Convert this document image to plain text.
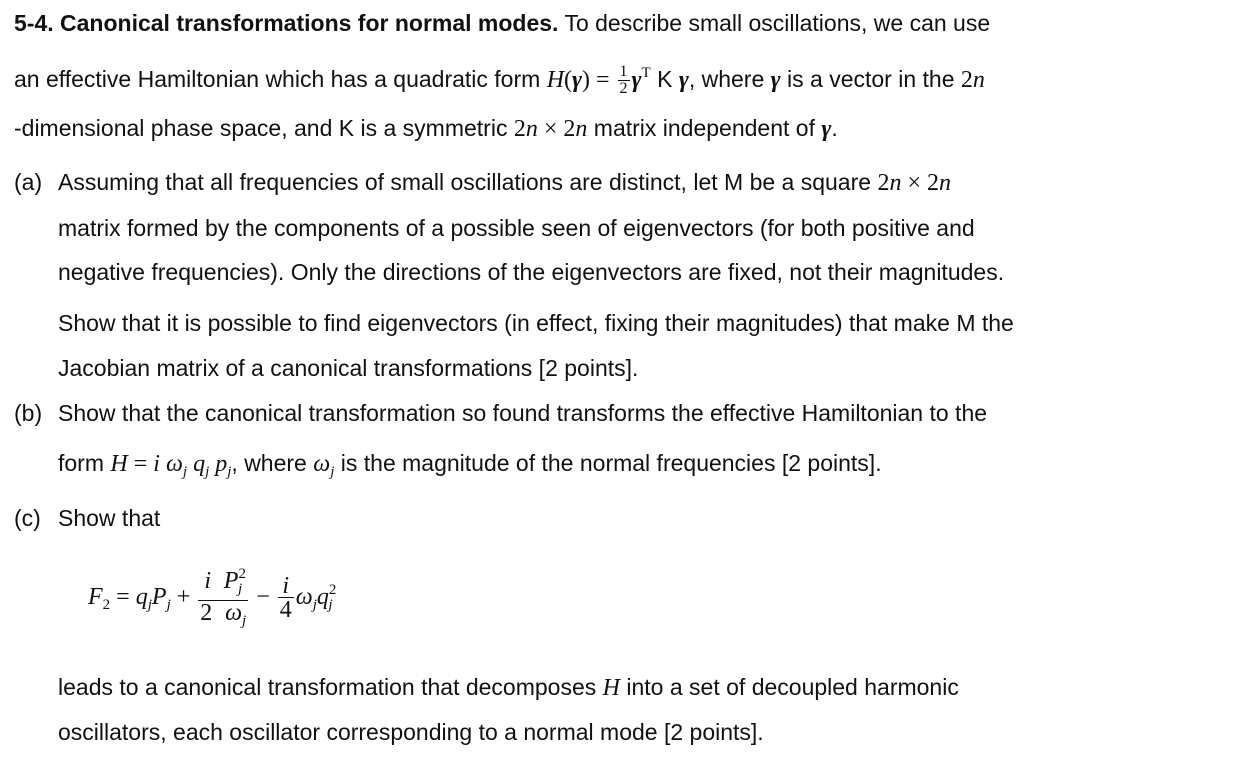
5-4. Canonical transformations for normal modes. To describe small oscillations, we can use
an effective Hamiltonian which has a quadratic form $H(\gamma) = \frac{1}{2} \gamma^T$ K γ, where γ is a vector in the 2n
-dimensional phase space, and K is a symmetric 2n × 2n matrix independent of γ.
(a) Assuming that all frequencies of small oscillations are distinct, let M be a square 2n × 2n
matrix formed by the components of a possible seen of eigenvectors (for both positive and
negative frequencies). Only the directions of the eigenvectors are fixed, not their magnitudes.
Show that it is possible to find eigenvectors (in effect, fixing their magnitudes) that make M the
Jacobian matrix of a canonical transformations [2 points].
(b) Show that the canonical transformation so found transforms the effective Hamiltonian to the
form H = i $\omega_j$ $q_j$ $p_j$, where $\omega_j$ is the magnitude of the normal frequencies [2 points].
(c) Show that
$F_2 = q_jP_j + \frac{i P^2_j}{2 \omega_j} - \frac{i}{4} \omega_jq^2_j$
leads to a canonical transformation that decomposes H into a set of decoupled harmonic
oscillators, each oscillator corresponding to a normal mode [2 points].
